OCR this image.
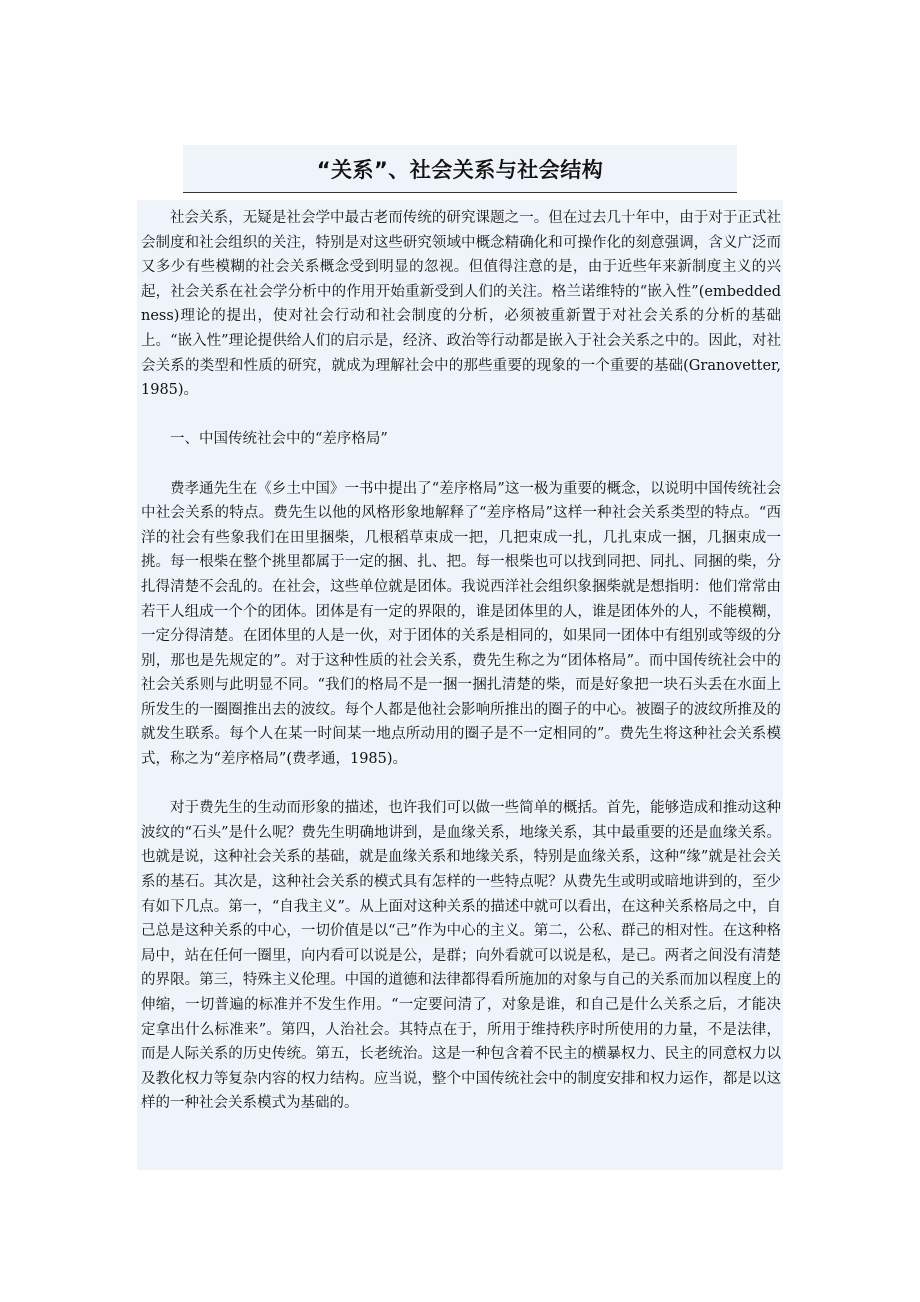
“关系”、社会关系与社会结构

社会关系，无疑是社会学中最古老而传统的研究课题之一。但在过去几十年中，由于对于正式社会制度和社会组织的关注，特别是对这些研究领域中概念精确化和可操作化的刻意强调，含义广泛而又多少有些模糊的社会关系概念受到明显的忽视。但值得注意的是，由于近些年来新制度主义的兴起，社会关系在社会学分析中的作用开始重新受到人们的关注。格兰诺维特的“嵌入性”(embeddedness)理论的提出，使对社会行动和社会制度的分析，必须被重新置于对社会关系的分析的基础上。“嵌入性”理论提供给人们的启示是，经济、政治等行动都是嵌入于社会关系之中的。因此，对社会关系的类型和性质的研究，就成为理解社会中的那些重要的现象的一个重要的基础(Granovetter,1985)。

一、中国传统社会中的“差序格局”

费孝通先生在《乡土中国》一书中提出了“差序格局”这一极为重要的概念，以说明中国传统社会中社会关系的特点。费先生以他的风格形象地解释了“差序格局”这样一种社会关系类型的特点。“西洋的社会有些象我们在田里捆柴，几根稻草束成一把，几把束成一扎，几扎束成一捆，几捆束成一挑。每一根柴在整个挑里都属于一定的捆、扎、把。每一根柴也可以找到同把、同扎、同捆的柴，分扎得清楚不会乱的。在社会，这些单位就是团体。我说西洋社会组织象捆柴就是想指明：他们常常由若干人组成一个个的团体。团体是有一定的界限的，谁是团体里的人，谁是团体外的人，不能模糊，一定分得清楚。在团体里的人是一伙，对于团体的关系是相同的，如果同一团体中有组别或等级的分别，那也是先规定的”。对于这种性质的社会关系，费先生称之为“团体格局”。而中国传统社会中的社会关系则与此明显不同。“我们的格局不是一捆一捆扎清楚的柴，而是好象把一块石头丢在水面上所发生的一圈圈推出去的波纹。每个人都是他社会影响所推出的圈子的中心。被圈子的波纹所推及的就发生联系。每个人在某一时间某一地点所动用的圈子是不一定相同的”。费先生将这种社会关系模式，称之为“差序格局”(费孝通，1985)。

对于费先生的生动而形象的描述，也许我们可以做一些简单的概括。首先，能够造成和推动这种波纹的“石头”是什么呢？费先生明确地讲到，是血缘关系，地缘关系，其中最重要的还是血缘关系。也就是说，这种社会关系的基础，就是血缘关系和地缘关系，特别是血缘关系，这种“缘”就是社会关系的基石。其次是，这种社会关系的模式具有怎样的一些特点呢？从费先生或明或暗地讲到的，至少有如下几点。第一，“自我主义”。从上面对这种关系的描述中就可以看出，在这种关系格局之中，自己总是这种关系的中心，一切价值是以“己”作为中心的主义。第二，公私、群己的相对性。在这种格局中，站在任何一圈里，向内看可以说是公，是群；向外看就可以说是私，是己。两者之间没有清楚的界限。第三，特殊主义伦理。中国的道德和法律都得看所施加的对象与自己的关系而加以程度上的伸缩，一切普遍的标准并不发生作用。“一定要问清了，对象是谁，和自己是什么关系之后，才能决定拿出什么标准来”。第四，人治社会。其特点在于，所用于维持秩序时所使用的力量，不是法律，而是人际关系的历史传统。第五，长老统治。这是一种包含着不民主的横暴权力、民主的同意权力以及教化权力等复杂内容的权力结构。应当说，整个中国传统社会中的制度安排和权力运作，都是以这样的一种社会关系模式为基础的。
